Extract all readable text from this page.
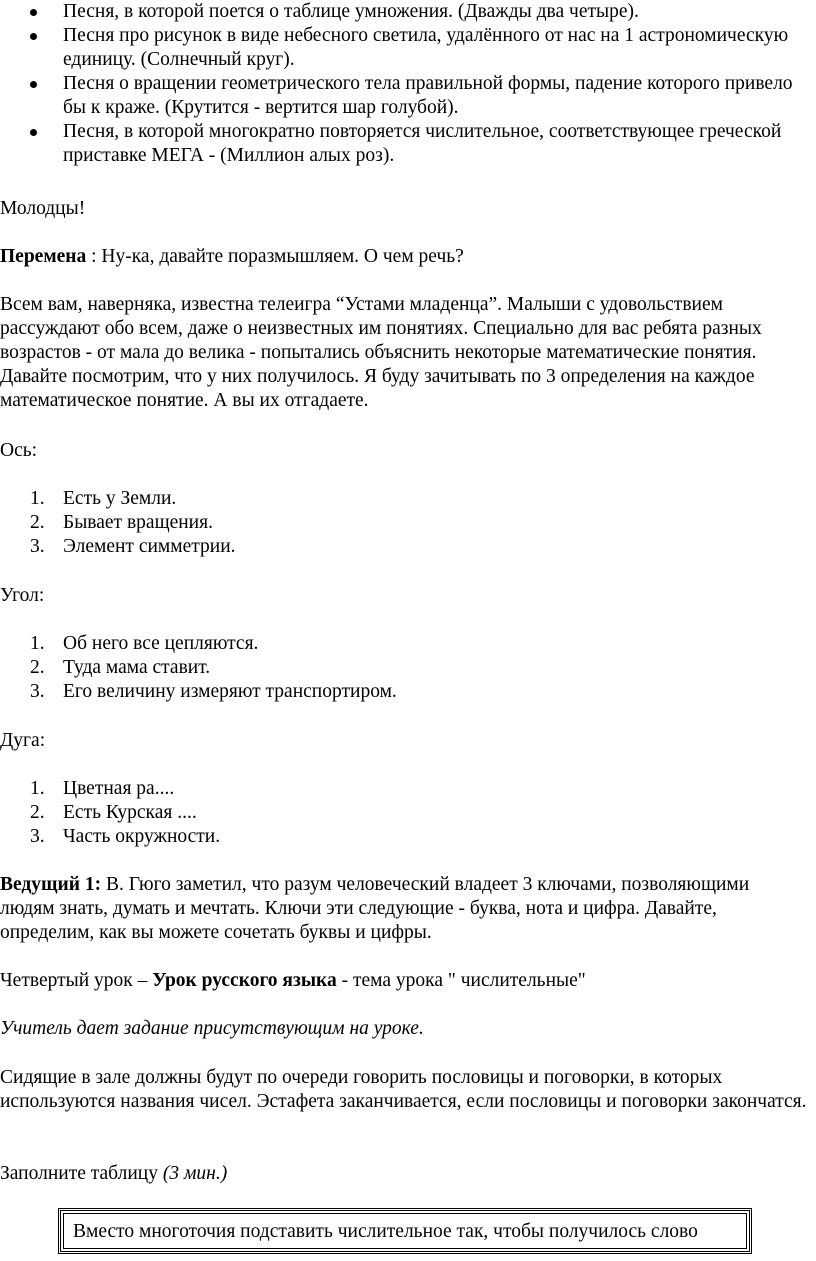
Песня, в которой поется о таблице умножения. (Дважды два четыре).
Песня про рисунок в виде небесного светила, удалённого от нас на 1 астрономическую единицу. (Солнечный круг).
Песня о вращении геометрического тела правильной формы, падение которого привело бы к краже. (Крутится - вертится шар голубой).
Песня, в которой многократно повторяется числительное, соответствующее греческой приставке МЕГА - (Миллион алых роз).
Молодцы!
Перемена : Ну-ка, давайте поразмышляем. О чем речь?
Всем вам, наверняка, известна телеигра “Устами младенца”. Малыши с удовольствием рассуждают обо всем, даже о неизвестных им понятиях. Специально для вас ребята разных возрастов - от мала до велика - попытались объяснить некоторые математические понятия. Давайте посмотрим, что у них получилось. Я буду зачитывать по 3 определения на каждое математическое понятие. А вы их отгадаете.
Ось:
1. Есть у Земли.
2. Бывает вращения.
3. Элемент симметрии.
Угол:
1. Об него все цепляются.
2. Туда мама ставит.
3. Его величину измеряют транспортиром.
Дуга:
1. Цветная ра....
2. Есть Курская ....
3. Часть окружности.
Ведущий 1: В. Гюго заметил, что разум человеческий владеет 3 ключами, позволяющими людям знать, думать и мечтать. Ключи эти следующие - буква, нота и цифра. Давайте, определим, как вы можете сочетать буквы и цифры.
Четвертый урок – Урок русского языка - тема урока " числительные"
Учитель дает задание присутствующим на уроке.
Сидящие в зале должны будут по очереди говорить пословицы и поговорки, в которых используются названия чисел. Эстафета заканчивается, если пословицы и поговорки закончатся.
Заполните таблицу (3 мин.)
Вместо многоточия подставить числительное так, чтобы получилось слово
